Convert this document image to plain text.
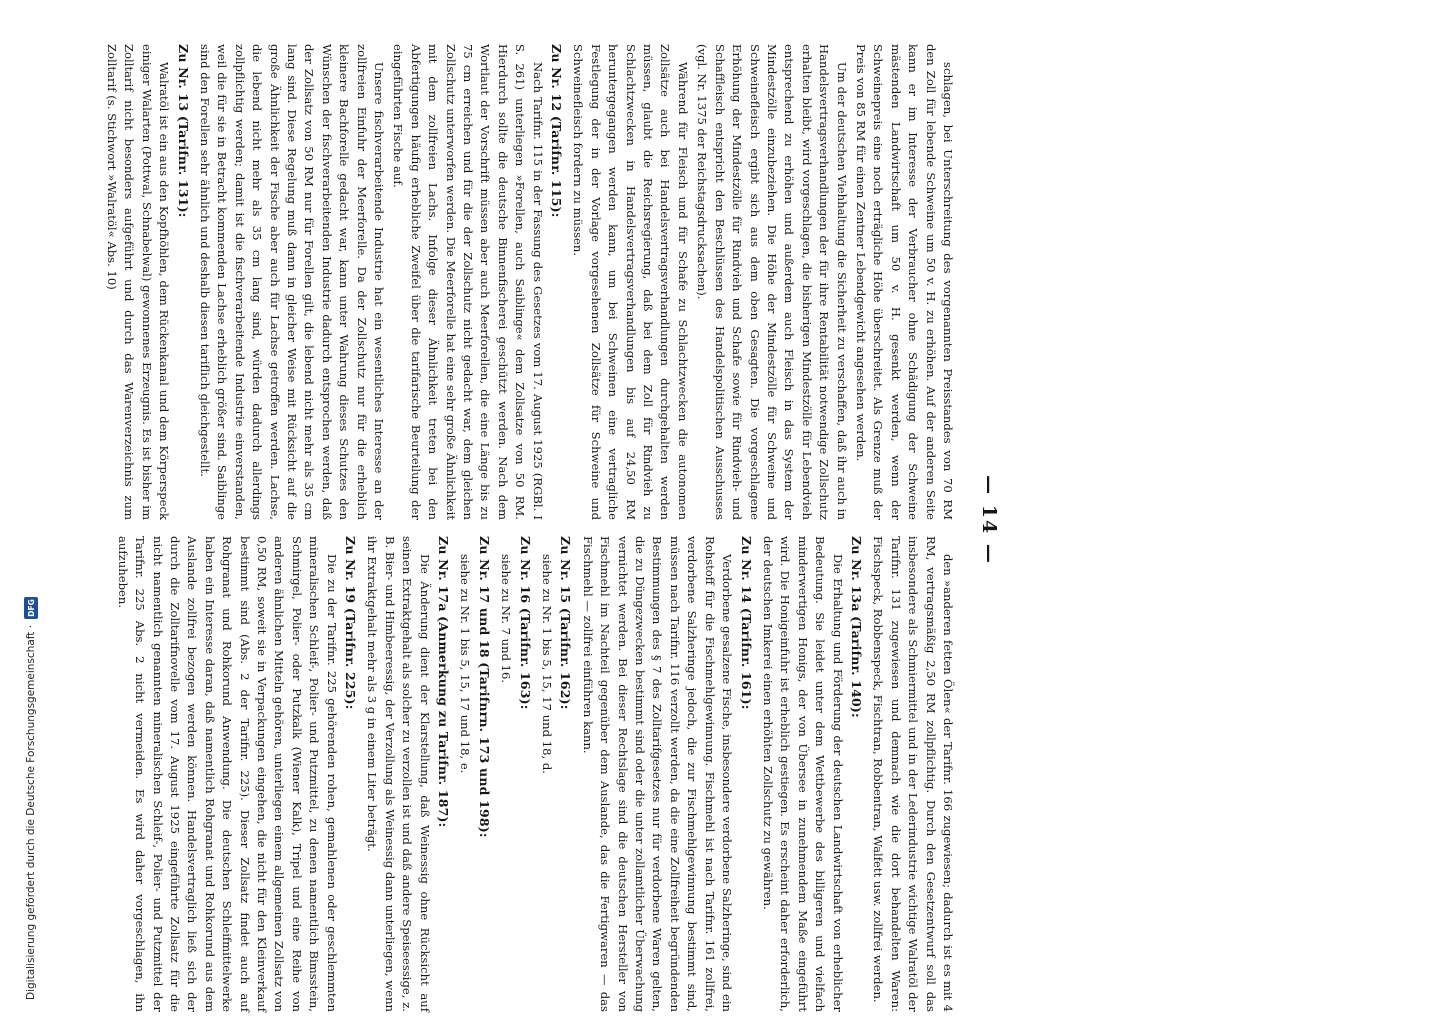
— 14 —

schlagen, bei Unterschreitung des vorgenannten Preisstandes von 70 RM den Zoll für lebende Schweine um 50 v. H. zu erhöhen. Auf der anderen Seite kann er im Interesse der Verbraucher ohne Schädigung der Schweine mästenden Landwirtschaft um 50 v. H. gesenkt werden, wenn der Schweinepreis eine noch erträgliche Höhe überschreitet. Als Grenze muß der Preis von 85 RM für einen Zentner Lebendgewicht angesehen werden.

Um der deutschen Viehhaltung die Sicherheit zu verschaffen, daß ihr auch in Handelsvertragsverhandlungen der für ihre Rentabilität notwendige Zollschutz erhalten bleibt, wird vorgeschlagen, die bisherigen Mindestzölle für Lebendvieh entsprechend zu erhöhen und außerdem auch Fleisch in das System der Mindestzölle einzubeziehen. Die Höhe der Mindestzölle für Schweine und Schweinefleisch ergibt sich aus dem oben Gesagten. Die vorgeschlagene Erhöhung der Mindestzölle für Rindvieh und Schafe sowie für Rindvieh- und Schaffleisch entspricht den Beschlüssen des Handelspolitischen Ausschusses (vgl. Nr. 1375 der Reichstagsdrucksachen).

Während für Fleisch und für Schafe zu Schlachtzwecken die autonomen Zollsätze auch bei Handelsvertragsverhandlungen durchgehalten werden müssen, glaubt die Reichsregierung, daß bei dem Zoll für Rindvieh zu Schlachtzwecken in Handelsvertragsverhandlungen bis auf 24,50 RM heruntergegangen werden kann, um bei Schweinen eine vertragliche Festlegung der in der Vorlage vorgesehenen Zollsätze für Schweine und Schweinefleisch fordern zu müssen.

Zu Nr. 12 (Tarifnr. 115):

Nach Tarifnr. 115 in der Fassung des Gesetzes vom 17. August 1925 (RGBl. I S. 261) unterliegen »Forellen, auch Saiblinge« dem Zollsatze von 50 RM. Hierdurch sollte die deutsche Binnenfischerei geschützt werden. Nach dem Wortlaut der Vorschrift müssen aber auch Meerforellen, die eine Länge bis zu 75 cm erreichen und für die der Zollschutz nicht gedacht war, dem gleichen Zollschutz unterworfen werden. Die Meerforelle hat eine sehr große Ähnlichkeit mit dem zollfreien Lachs. Infolge dieser Ähnlichkeit treten bei den Abfertigungen häufig erhebliche Zweifel über die tarifarische Beurteilung der eingeführten Fische auf.

Unsere fischverarbeitende Industrie hat ein wesentliches Interesse an der zollfreien Einfuhr der Meerforelle. Da der Zollschutz nur für die erheblich kleinere Bachforelle gedacht war, kann unter Wahrung dieses Schutzes den Wünschen der fischverarbeitenden Industrie dadurch entsprochen werden, daß der Zollsatz von 50 RM nur für Forellen gilt, die lebend nicht mehr als 35 cm lang sind. Diese Regelung muß dann in gleicher Weise mit Rücksicht auf die große Ähnlichkeit der Fische aber auch für Lachse getroffen werden. Lachse, die lebend nicht mehr als 35 cm lang sind, würden dadurch allerdings zollpflichtig werden; damit ist die fischverarbeitende Industrie einverstanden, weil die für sie in Betracht kommenden Lachse erheblich größer sind. Saiblinge sind den Forellen sehr ähnlich und deshalb diesen tariflich gleichgestellt.

Zu Nr. 13 (Tarifnr. 131):

Walratöl ist ein aus den Kopfhöhlen, dem Rückenkanal und dem Körperspeck einiger Walarten (Pottwal, Schnabelwal) gewonnenes Erzeugnis. Es ist bisher im Zolltarif nicht besonders aufgeführt und durch das Warenverzeichnis zum Zolltarif (s. Stichwort »Walratöl« Abs. 10)

den »anderen fetten Ölen« der Tarifnr. 166 zugewiesen; dadurch ist es mit 4 RM, vertragsmäßig 2,50 RM zollpflichtig. Durch den Gesetzentwurf soll das insbesondere als Schmiermittel und in der Lederindustrie wichtige Walratöl der Tarifnr. 131 zugewiesen und demnach wie die dort behandelten Waren: Fischspeck, Robbenspeck, Fischtran, Robbentran, Walfett usw. zollfrei werden.

Zu Nr. 13a (Tarifnr. 140):

Die Erhaltung und Förderung der deutschen Landwirtschaft von erheblicher Bedeutung. Sie leidet unter dem Wettbewerbe des billigeren und vielfach minderwertigen Honigs, der von Übersee in zunehmendem Maße eingeführt wird. Die Honigeinfuhr ist erheblich gestiegen. Es erscheint daher erforderlich, der deutschen Imkerei einen erhöhten Zollschutz zu gewähren.

Zu Nr. 14 (Tarifnr. 161):

Verdorbene gesalzene Fische, insbesondere verdorbene Salzheringe, sind ein Rohstoff für die Fischmehlgewinnung. Fischmehl ist nach Tarifnr. 161 zollfrei, verdorbene Salzheringe jedoch, die zur Fischmehlgewinnung bestimmt sind, müssen nach Tarifnr. 116 verzollt werden, da die eine Zollfreiheit begründenden Bestimmungen des § 7 des Zolltarifgesetzes nur für verdorbene Waren gelten, die zu Düngezwecken bestimmt sind oder die unter zollamtlicher Überwachung vernichtet werden. Bei dieser Rechtslage sind die deutschen Hersteller von Fischmehl im Nachteil gegenüber dem Auslande, das die Fertigwaren — das Fischmehl — zollfrei einführen kann.

Zu Nr. 15 (Tarifnr. 162):

siehe zu Nr. 1 bis 5, 15, 17 und 18, d.

Zu Nr. 16 (Tarifnr. 163):

siehe zu Nr. 7 und 16.

Zu Nr. 17 und 18 (Tarifnrn. 173 und 198):

siehe zu Nr. 1 bis 5, 15, 17 und 18, e.

Zu Nr. 17a (Anmerkung zu Tarifnr. 187):

Die Änderung dient der Klarstellung, daß Weinessig ohne Rücksicht auf seinen Extraktgehalt als solcher zu verzollen ist und daß andere Speiseessige, z. B. Bier- und Himbeeressig, der Verzollung als Weinessig dann unterliegen, wenn ihr Extraktgehalt mehr als 3 g in einem Liter beträgt.

Zu Nr. 19 (Tarifnr. 225):

Die zu der Tarifnr. 225 gehörenden rohen, gemahlenen oder geschlemmten mineralischen Schleif-, Polier- und Putzmittel, zu denen namentlich Bimsstein, Schmirgel, Polier- oder Putzkalk (Wiener Kalk), Tripel und eine Reihe von anderen ähnlichen Mitteln gehören, unterliegen einem allgemeinen Zollsatz von 0,50 RM, soweit sie in Verpackungen eingehen, die nicht für den Kleinverkauf bestimmt sind (Abs. 2 der Tarifnr. 225). Dieser Zollsatz findet auch auf Rohgranat und Rohkorund Anwendung. Die deutschen Schleifmittelwerke haben ein Interesse daran, daß namentlich Rohgranat und Rohkorund aus dem Auslande zollfrei bezogen werden können. Handelsvertraglich ließ sich der durch die Zolltarifnovelle vom 17. August 1925 eingeführte Zollsatz für die nicht namentlich genannten mineralischen Schleif-, Polier- und Putzmittel der Tarifnr. 225 Abs. 2 nicht vermeiden. Es wird daher vorgeschlagen, ihn aufzuheben.

Digitalisierung gefördert durch die Deutsche Forschungsgemeinschaft ·
DFG
